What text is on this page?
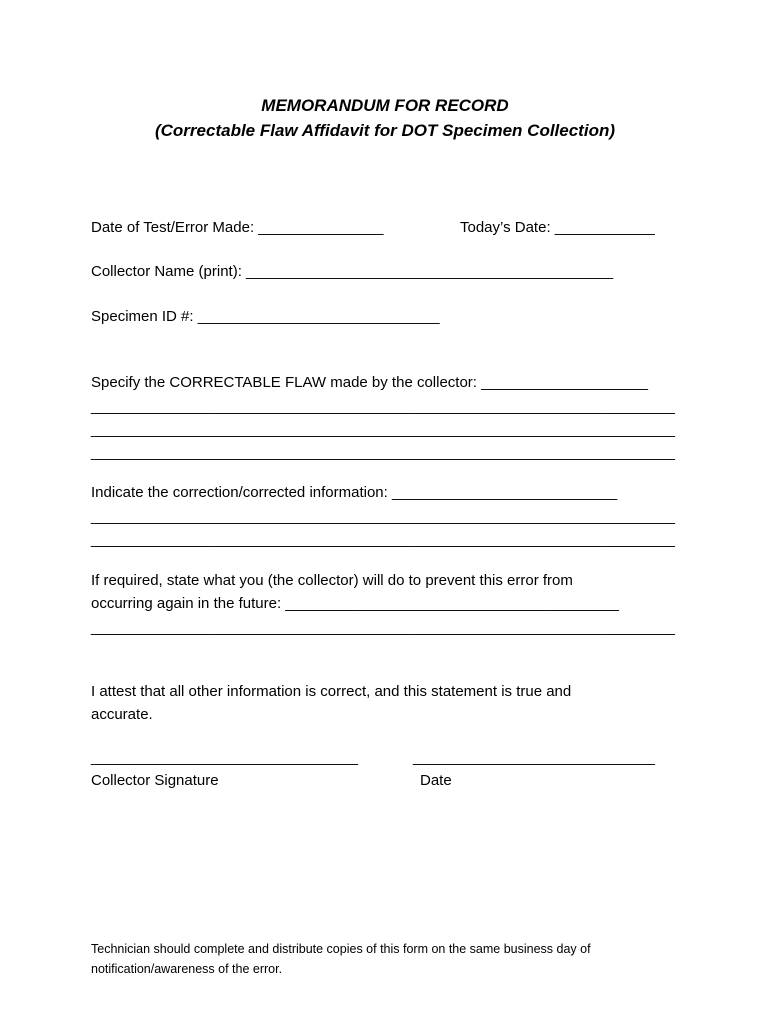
MEMORANDUM FOR RECORD
(Correctable Flaw Affidavit for DOT Specimen Collection)
Date of Test/Error Made: _______________	Today’s Date: ____________
Collector Name (print): ____________________________________________
Specimen ID #: _____________________________
Specify the CORRECTABLE FLAW made by the collector: ____________________
______________________________________________________________________
______________________________________________________________________
______________________________________________________________________
Indicate the correction/corrected information: ___________________________
______________________________________________________________________
______________________________________________________________________
If required, state what you (the collector) will do to prevent this error from
occurring again in the future: ________________________________________
______________________________________________________________________
I attest that all other information is correct, and this statement is true and
accurate.
________________________________	_____________________________
Collector Signature	Date
Technician should complete and distribute copies of this form on the same business day of
notification/awareness of the error.
